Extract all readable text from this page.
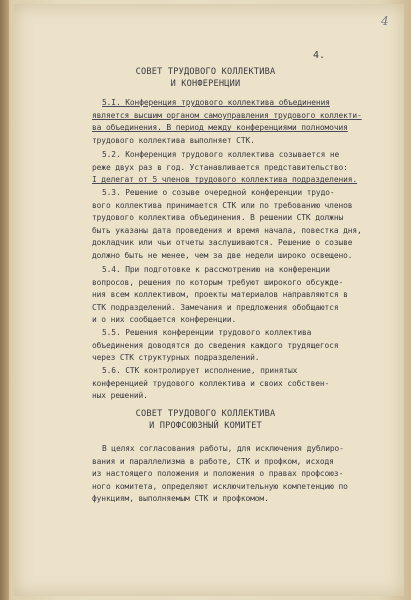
4
4.
СОВЕТ ТРУДОВОГО КОЛЛЕКТИВА
И КОНФЕРЕНЦИИ
5.I. Конференция трудового коллектива объединения
является высшим органом самоуправления трудового коллекти-
ва объединения. В период между конференциями полномочия
трудового коллектива выполняет СТК.
5.2. Конференция трудового коллектива созывается не
реже двух раз в год. Устанавливается представительство:
I делегат от 5 членов трудового коллектива подразделения.
5.3. Решение о созыве очередной конференции трудо-
вого коллектива принимается СТК или по требованию членов
трудового коллектива объединения. В решении СТК должны
быть указаны дата проведения и время начала, повестка дня,
докладчик или чьи отчеты заслушиваются. Решение о созыве
должно быть не менее, чем за две недели широко освещено.
5.4. При подготовке к рассмотрению на конференции
вопросов, решения по которым требуют широкого обсужде-
ния всем коллективом, проекты материалов направляются в
СТК подразделений. Замечания и предложения обобщаются
и о них сообщается конференции.
5.5. Решения конференции трудового коллектива
объединения доводятся до сведения каждого трудящегося
через СТК структурных подразделений.
5.6. СТК контролирует исполнение, принятых
конференцией трудового коллектива и своих собствен-
ных решений.
СОВЕТ ТРУДОВОГО КОЛЛЕКТИВА
И ПРОФСОЮЗНЫЙ КОМИТЕТ
В целях согласования работы, для исключения дублиро-
вания и параллелизма в работе, СТК и профком, исходя
из настоящего положения и положения о правах профсоюз-
ного комитета, определяют исключительную компетенцию по
функциям, выполняемым СТК и профкомом.
